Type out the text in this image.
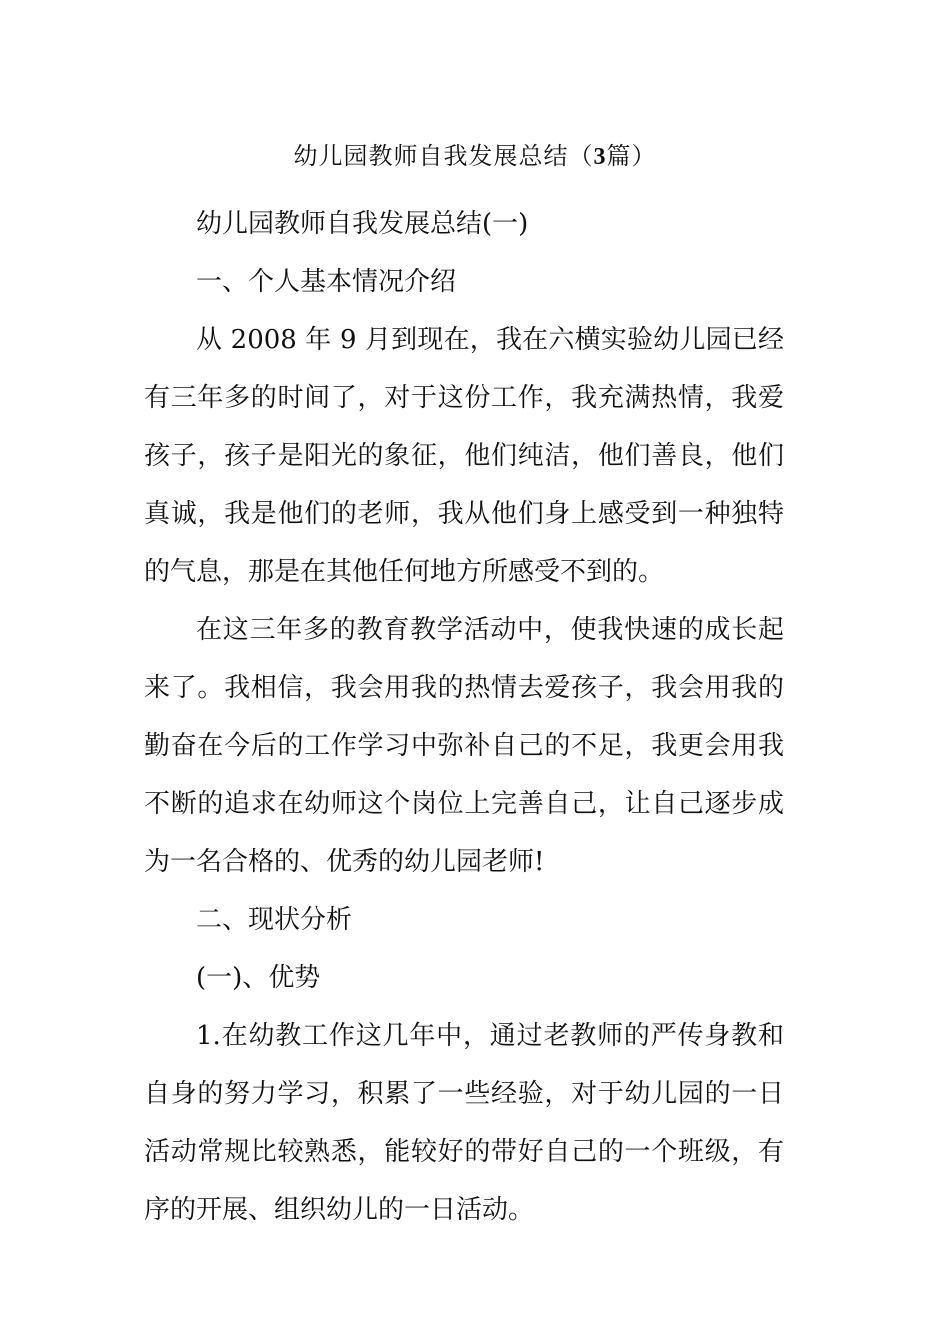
幼儿园教师自我发展总结（3篇）

幼儿园教师自我发展总结(一)

一、个人基本情况介绍

从 2008 年 9 月到现在，我在六横实验幼儿园已经有三年多的时间了，对于这份工作，我充满热情，我爱孩子，孩子是阳光的象征，他们纯洁，他们善良，他们真诚，我是他们的老师，我从他们身上感受到一种独特的气息，那是在其他任何地方所感受不到的。

在这三年多的教育教学活动中，使我快速的成长起来了。我相信，我会用我的热情去爱孩子，我会用我的勤奋在今后的工作学习中弥补自己的不足，我更会用我不断的追求在幼师这个岗位上完善自己，让自己逐步成为一名合格的、优秀的幼儿园老师!

二、现状分析

(一)、优势

1.在幼教工作这几年中，通过老教师的严传身教和自身的努力学习，积累了一些经验，对于幼儿园的一日活动常规比较熟悉，能较好的带好自己的一个班级，有序的开展、组织幼儿的一日活动。
